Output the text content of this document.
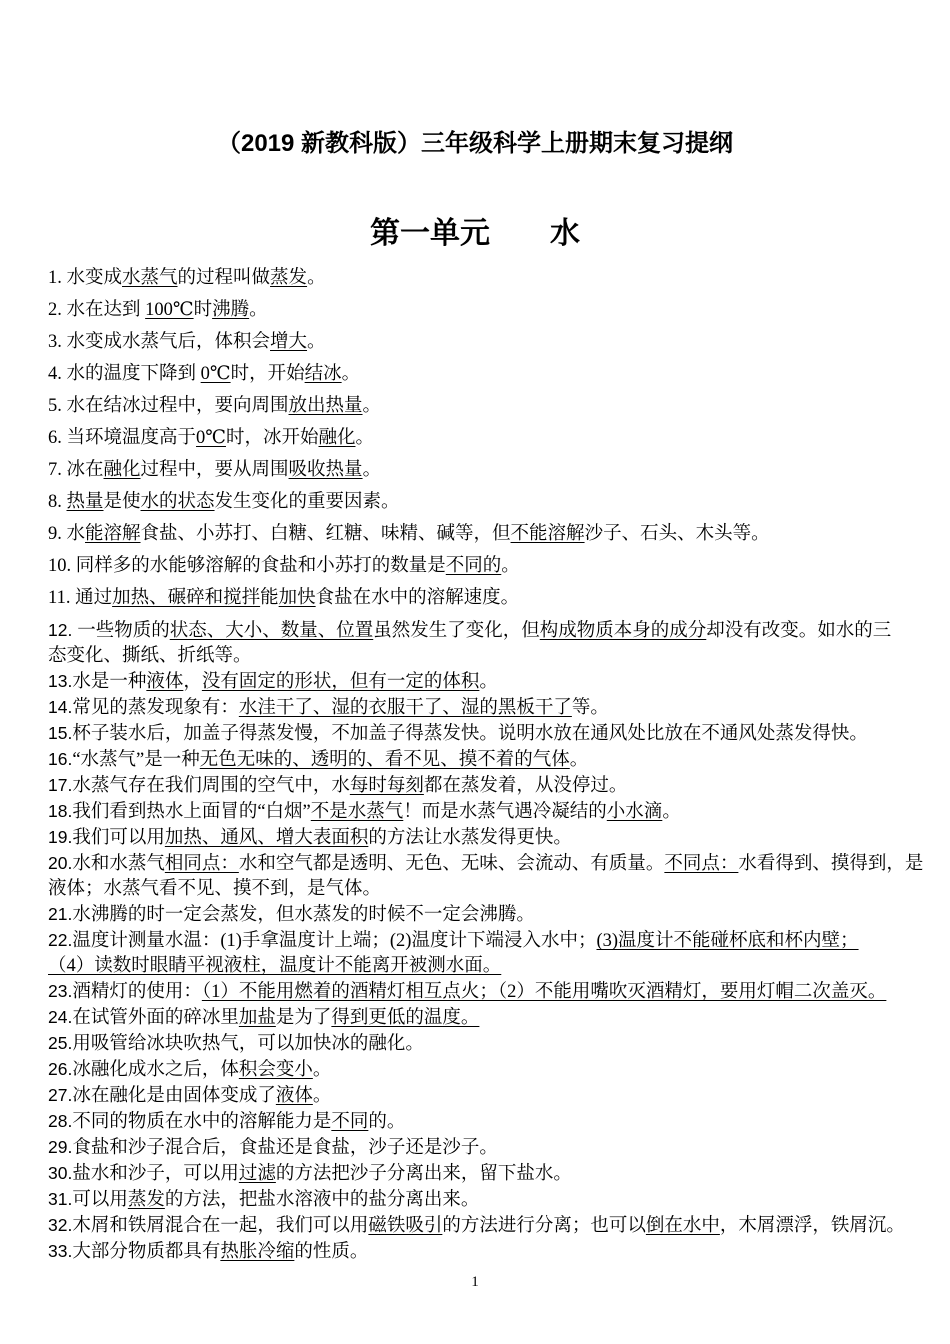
（2019 新教科版）三年级科学上册期末复习提纲
第一单元　　水
1. 水变成水蒸气的过程叫做蒸发。
2. 水在达到 100℃时沸腾。
3. 水变成水蒸气后，体积会增大。
4. 水的温度下降到 0℃时，开始结冰。
5. 水在结冰过程中，要向周围放出热量。
6. 当环境温度高于0℃时，冰开始融化。
7. 冰在融化过程中，要从周围吸收热量。
8. 热量是使水的状态发生变化的重要因素。
9. 水能溶解食盐、小苏打、白糖、红糖、味精、碱等，但不能溶解沙子、石头、木头等。
10. 同样多的水能够溶解的食盐和小苏打的数量是不同的。
11. 通过加热、碾碎和搅拌能加快食盐在水中的溶解速度。
12. 一些物质的状态、大小、数量、位置虽然发生了变化，但构成物质本身的成分却没有改变。如水的三
态变化、撕纸、折纸等。
13.水是一种液体，没有固定的形状，但有一定的体积。
14.常见的蒸发现象有：水洼干了、湿的衣服干了、湿的黑板干了等。
15.杯子装水后，加盖子得蒸发慢，不加盖子得蒸发快。说明水放在通风处比放在不通风处蒸发得快。
16.“水蒸气”是一种无色无味的、透明的、看不见、摸不着的气体。
17.水蒸气存在我们周围的空气中，水每时每刻都在蒸发着，从没停过。
18.我们看到热水上面冒的“白烟”不是水蒸气！而是水蒸气遇冷凝结的小水滴。
19.我们可以用加热、通风、增大表面积的方法让水蒸发得更快。
20.水和水蒸气相同点：水和空气都是透明、无色、无味、会流动、有质量。不同点：水看得到、摸得到，是
液体；水蒸气看不见、摸不到，是气体。
21.水沸腾的时一定会蒸发，但水蒸发的时候不一定会沸腾。
22.温度计测量水温：(1)手拿温度计上端；(2)温度计下端浸入水中；(3)温度计不能碰杯底和杯内壁；
（4）读数时眼睛平视液柱，温度计不能离开被测水面。
23.酒精灯的使用：（1）不能用燃着的酒精灯相互点火；（2）不能用嘴吹灭酒精灯，要用灯帽二次盖灭。
24.在试管外面的碎冰里加盐是为了得到更低的温度。
25.用吸管给冰块吹热气，可以加快冰的融化。
26.冰融化成水之后，体积会变小。
27.冰在融化是由固体变成了液体。
28.不同的物质在水中的溶解能力是不同的。
29.食盐和沙子混合后，食盐还是食盐，沙子还是沙子。
30.盐水和沙子，可以用过滤的方法把沙子分离出来，留下盐水。
31.可以用蒸发的方法，把盐水溶液中的盐分离出来。
32.木屑和铁屑混合在一起，我们可以用磁铁吸引的方法进行分离；也可以倒在水中，木屑漂浮，铁屑沉。
33.大部分物质都具有热胀冷缩的性质。
1
